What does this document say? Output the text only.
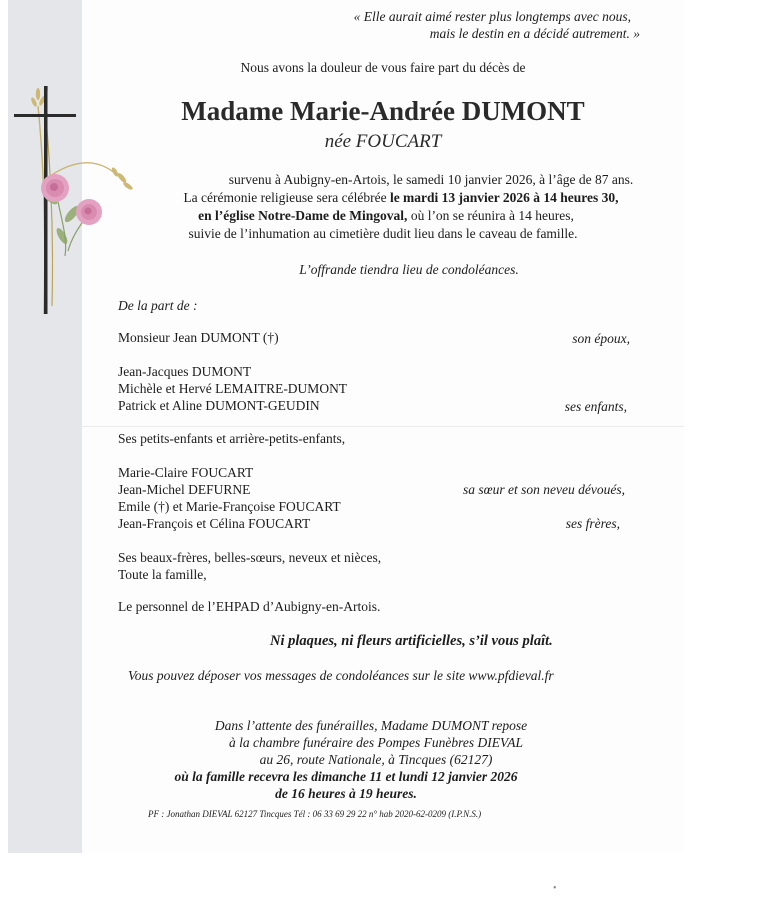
« Elle aurait aimé rester plus longtemps avec nous,
mais le destin en a décidé autrement. »
Nous avons la douleur de vous faire part du décès de
Madame Marie-Andrée DUMONT
née FOUCART
survenu à Aubigny-en-Artois, le samedi 10 janvier 2026, à l’âge de 87 ans.
La cérémonie religieuse sera célébrée le mardi 13 janvier 2026 à 14 heures 30,
en l’église Notre-Dame de Mingoval, où l’on se réunira à 14 heures,
suivie de l’inhumation au cimetière dudit lieu dans le caveau de famille.
L’offrande tiendra lieu de condoléances.
De la part de :
Monsieur Jean DUMONT (†)	son époux,
Jean-Jacques DUMONT
Michèle et Hervé LEMAITRE-DUMONT
Patrick et Aline DUMONT-GEUDIN	ses enfants,
Ses petits-enfants et arrière-petits-enfants,
Marie-Claire FOUCART
Jean-Michel DEFURNE	sa sœur et son neveu dévoués,
Emile (†) et Marie-Françoise FOUCART
Jean-François et Célina FOUCART	ses frères,
Ses beaux-frères, belles-sœurs, neveux et nièces,
Toute la famille,
Le personnel de l’EHPAD d’Aubigny-en-Artois.
Ni plaques, ni fleurs artificielles, s’il vous plaît.
Vous pouvez déposer vos messages de condoléances sur le site www.pfdieval.fr
Dans l’attente des funérailles, Madame DUMONT repose
à la chambre funéraire des Pompes Funèbres DIEVAL
au 26, route Nationale, à Tincques (62127)
où la famille recevra les dimanche 11 et lundi 12 janvier 2026
de 16 heures à 19 heures.
PF : Jonathan DIEVAL 62127 Tincques Tél : 06 33 69 29 22 n° hab 2020-62-0209 (I.P.N.S.)
•
